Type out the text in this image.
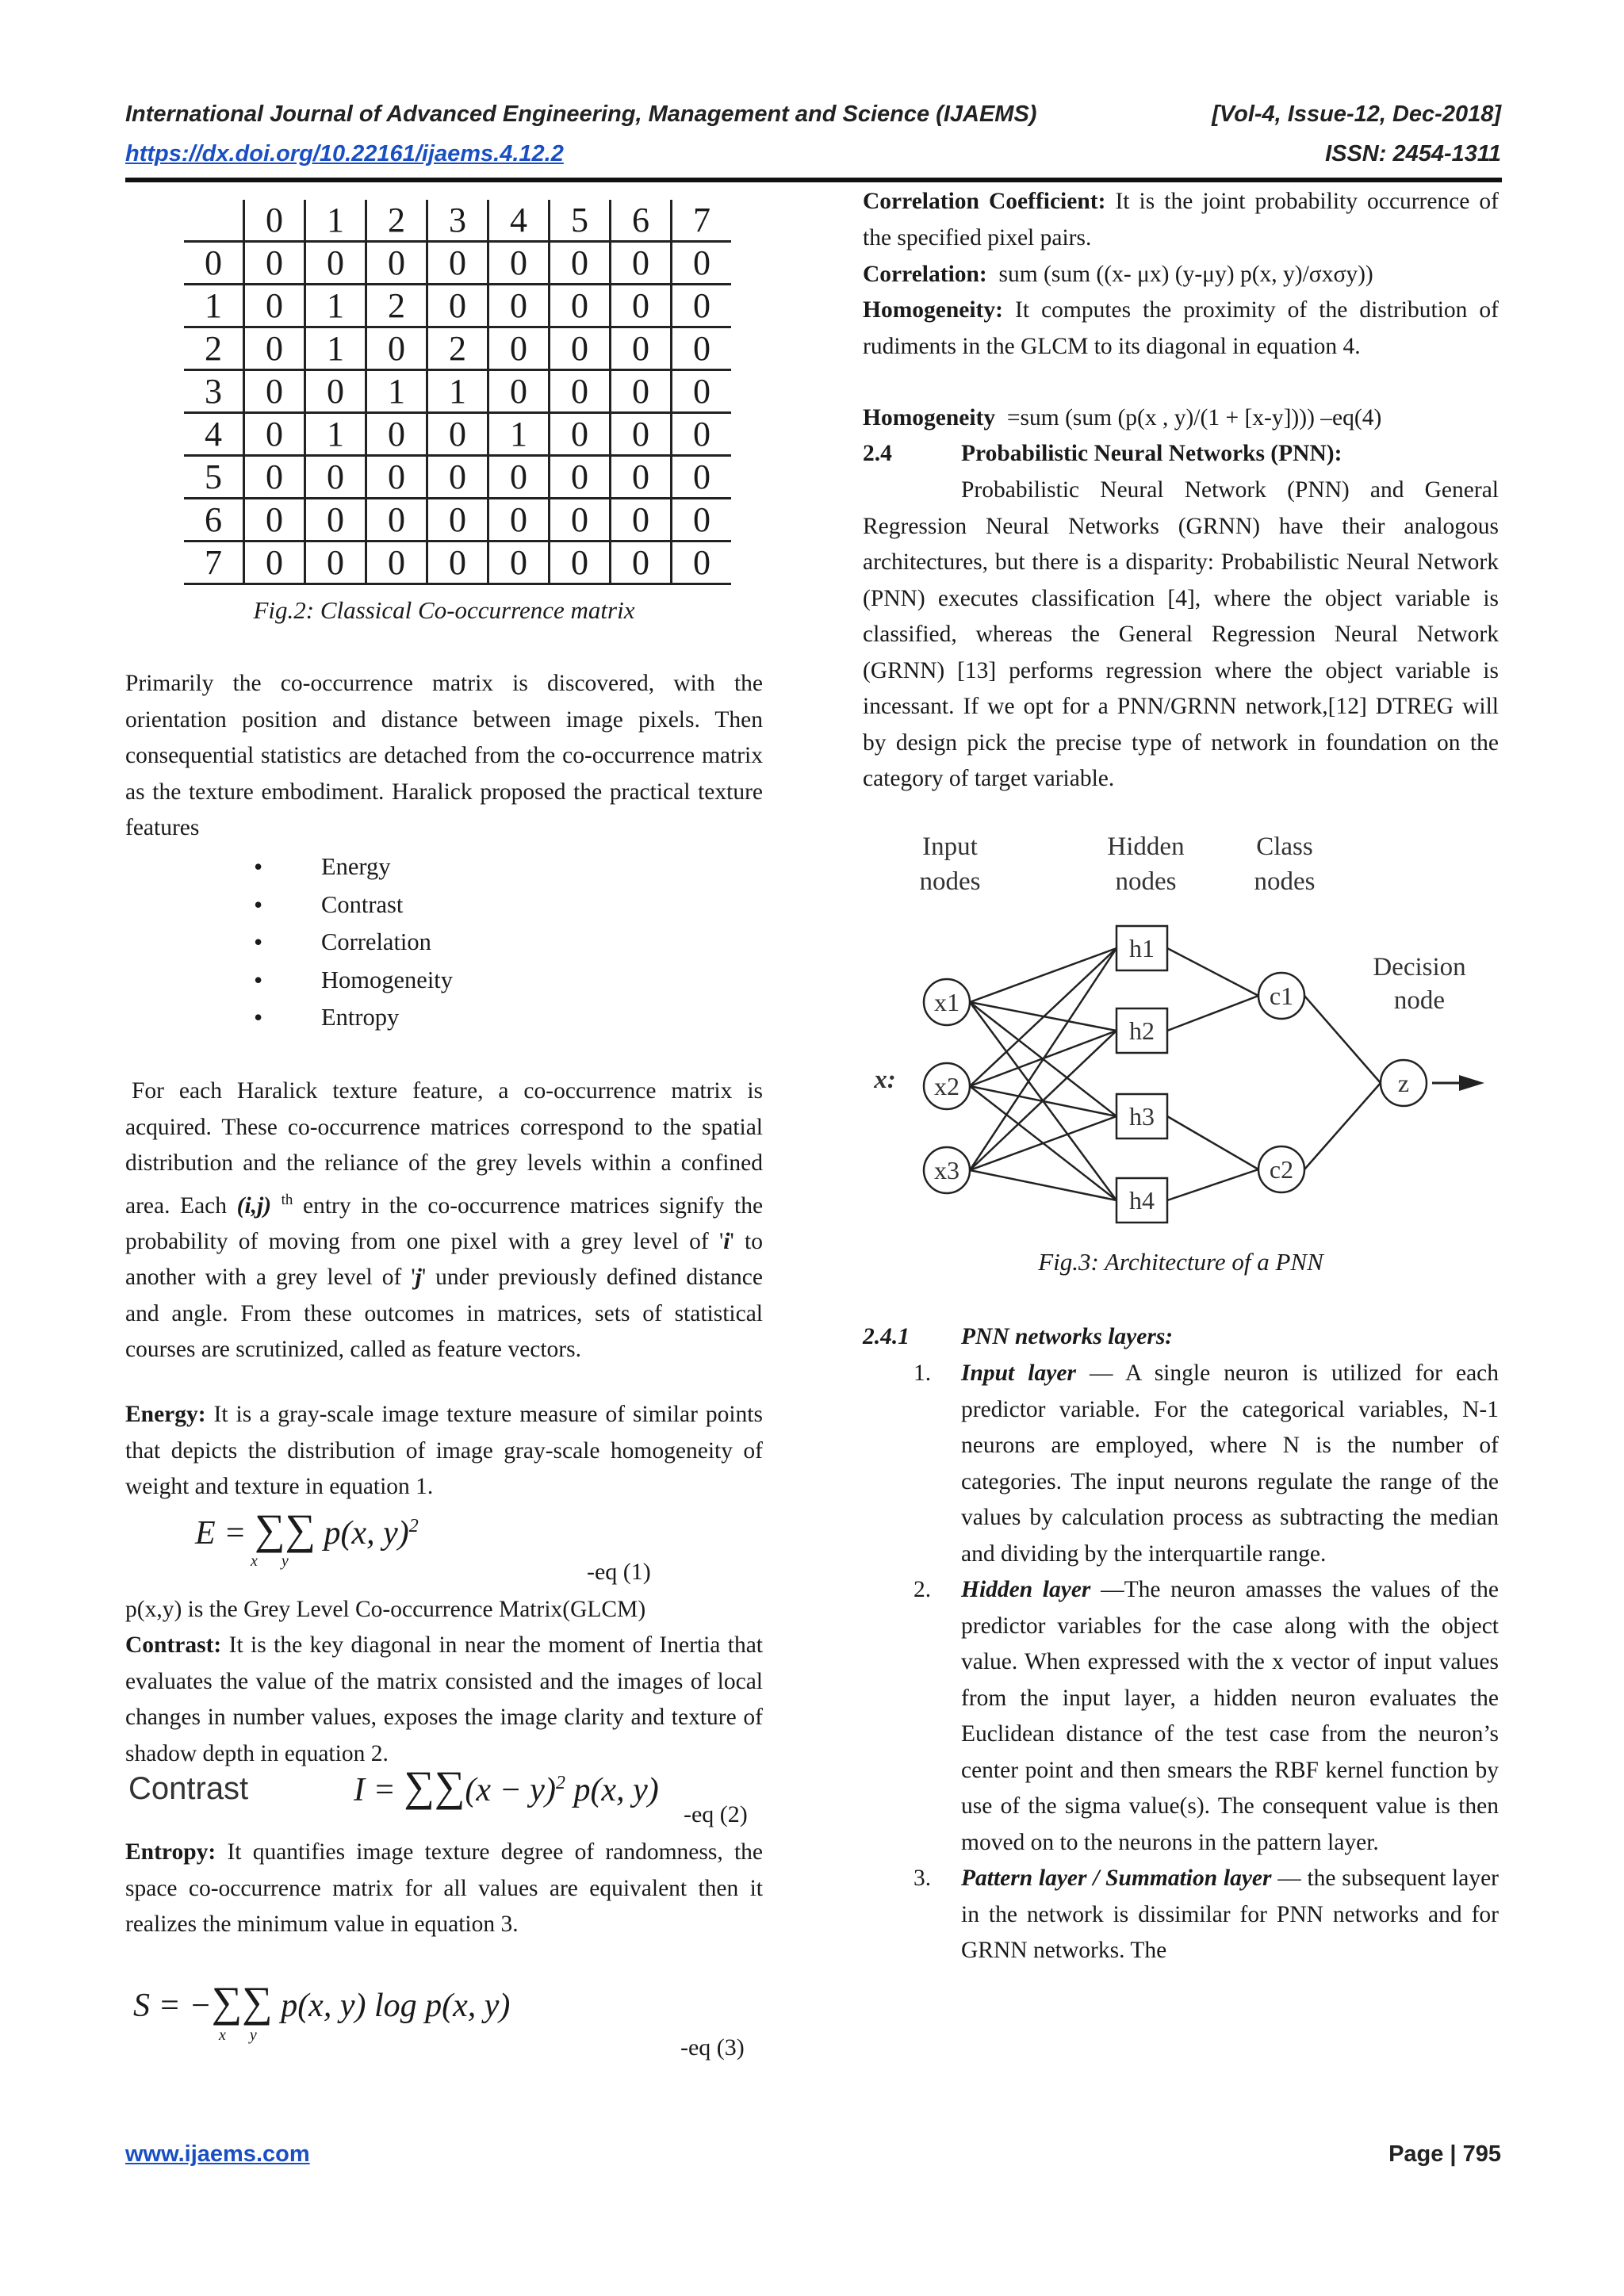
International Journal of Advanced Engineering, Management and Science (IJAEMS)	[Vol-4, Issue-12, Dec-2018]
https://dx.doi.org/10.22161/ijaems.4.12.2	ISSN: 2454-1311
	0	1	2	3	4	5	6	7
0	0	0	0	0	0	0	0	0
1	0	1	2	0	0	0	0	0
2	0	1	0	2	0	0	0	0
3	0	0	1	1	0	0	0	0
4	0	1	0	0	1	0	0	0
5	0	0	0	0	0	0	0	0
6	0	0	0	0	0	0	0	0
7	0	0	0	0	0	0	0	0
Fig.2: Classical Co-occurrence matrix
Primarily the co-occurrence matrix is discovered, with the orientation position and distance between image pixels. Then consequential statistics are detached from the co-occurrence matrix as the texture embodiment. Haralick proposed the practical texture features
• Energy
• Contrast
• Correlation
• Homogeneity
• Entropy
For each Haralick texture feature, a co-occurrence matrix is acquired. These co-occurrence matrices correspond to the spatial distribution and the reliance of the grey levels within a confined area. Each (i,j) $^{th}$ entry in the co-occurrence matrices signify the probability of moving from one pixel with a grey level of 'i' to another with a grey level of 'j' under previously defined distance and angle. From these outcomes in matrices, sets of statistical courses are scrutinized, called as feature vectors.
Energy: It is a gray-scale image texture measure of similar points that depicts the distribution of image gray-scale homogeneity of weight and texture in equation 1.
E = ∑∑ p(x, y)$^2$
xy	-eq (1)
p(x,y) is the Grey Level Co-occurrence Matrix(GLCM)
Contrast: It is the key diagonal in near the moment of Inertia that evaluates the value of the matrix consisted and the images of local changes in number values, exposes the image clarity and texture of shadow depth in equation 2.
Contrast	$I = \sum\sum(x - y)^2$ p(x, y)
-eq (2)
Entropy: It quantifies image texture degree of randomness, the space co-occurrence matrix for all values are equivalent then it realizes the minimum value in equation 3.
S = −∑∑ p(x, y) log p(x, y)
xy	-eq (3)
Correlation Coefficient: It is the joint probability occurrence of the specified pixel pairs.
Correlation: sum (sum ((x- μx) (y-μy) p(x, y)/σxσy))
Homogeneity: It computes the proximity of the distribution of rudiments in the GLCM to its diagonal in equation 4.
Homogeneity =sum (sum (p(x , y)/(1 + [x-y]))) –eq(4)
2.4	Probabilistic Neural Networks (PNN):
Probabilistic Neural Network (PNN) and General Regression Neural Networks (GRNN) have their analogous architectures, but there is a disparity: Probabilistic Neural Network (PNN) executes classification [4], where the object variable is classified, whereas the General Regression Neural Network (GRNN) [13] performs regression where the object variable is incessant. If we opt for a PNN/GRNN network,[12] DTREG will by design pick the precise type of network in foundation on the category of target variable.
Input
nodes
Hidden
nodes
Class
nodes
Decision
node
x:
x1
x2
x3
h1
h2
h3
h4
c1
c2
z
Fig.3: Architecture of a PNN
2.4.1 PNN networks layers:
1. Input layer — A single neuron is utilized for each predictor variable. For the categorical variables, N-1 neurons are employed, where N is the number of categories. The input neurons regulate the range of the values by calculation process as subtracting the median and dividing by the interquartile range.
2. Hidden layer —The neuron amasses the values of the predictor variables for the case along with the object value. When expressed with the x vector of input values from the input layer, a hidden neuron evaluates the Euclidean distance of the test case from the neuron’s center point and then smears the RBF kernel function by use of the sigma value(s). The consequent value is then moved on to the neurons in the pattern layer.
3. Pattern layer / Summation layer — the subsequent layer in the network is dissimilar for PNN networks and for GRNN networks. The
www.ijaems.com	Page | 795
